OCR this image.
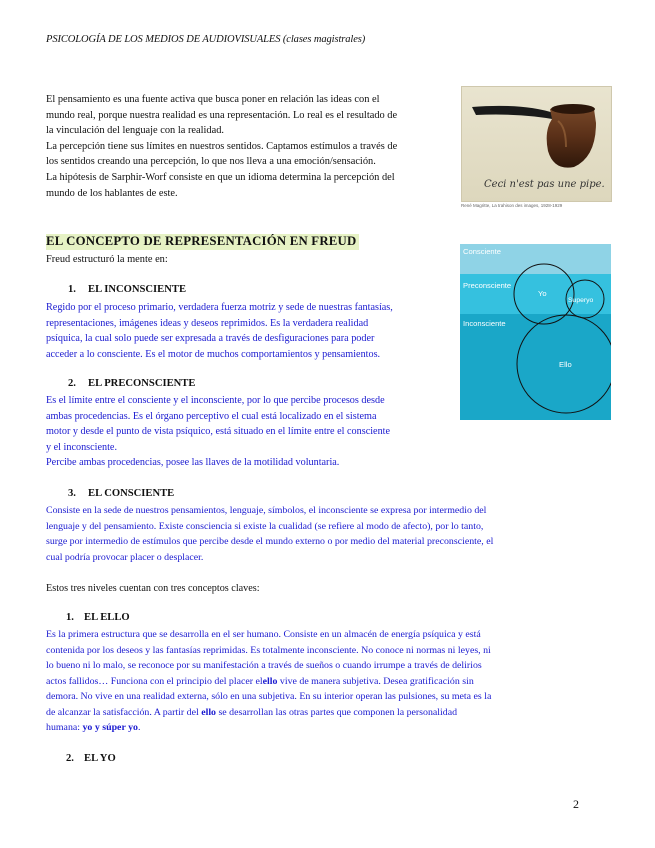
PSICOLOGÍA DE LOS MEDIOS DE AUDIOVISUALES (clases magistrales)

El pensamiento es una fuente activa que busca poner en relación las ideas con el

mundo real, porque nuestra realidad es una representación. Lo real es el resultado de

la vinculación del lenguaje con la realidad.

La percepción tiene sus límites en nuestros sentidos. Captamos estímulos a través de

los sentidos creando una percepción, lo que nos lleva a una emoción/sensación.

La hipótesis de Sarphir-Worf consiste en que un idioma determina la percepción del

mundo de los hablantes de este.

Ceci n'est pas une pipe.
René Magritte, La trahison des images, 1928-1929
EL CONCEPTO DE REPRESENTACIÓN EN FREUD
Freud estructuró la mente en:
Consciente
Preconsciente
Inconsciente
Yo
Superyo
Ello
1. EL INCONSCIENTE

Regido por el proceso primario, verdadera fuerza motriz y sede de nuestras fantasías,

representaciones, imágenes ideas y deseos reprimidos. Es la verdadera realidad

psíquica, la cual solo puede ser expresada a través de desfiguraciones para poder

acceder a lo consciente. Es el motor de muchos comportamientos y pensamientos.

2. EL PRECONSCIENTE

Es el límite entre el consciente y el inconsciente, por lo que percibe procesos desde

ambas procedencias. Es el órgano perceptivo el cual está localizado en el sistema

motor y desde el punto de vista psíquico, está situado en el límite entre el consciente

y el inconsciente.

Percibe ambas procedencias, posee las llaves de la motilidad voluntaria.

3. EL CONSCIENTE

Consiste en la sede de nuestros pensamientos, lenguaje, símbolos, el inconsciente se expresa por intermedio del

lenguaje y del pensamiento. Existe consciencia si existe la cualidad (se refiere al modo de afecto), por lo tanto,

surge por intermedio de estímulos que percibe desde el mundo externo o por medio del material preconsciente, el

cual podría provocar placer o desplacer.

Estos tres niveles cuentan con tres conceptos claves:
1. EL ELLO

Es la primera estructura que se desarrolla en el ser humano. Consiste en un almacén de energía psíquica y está

contenida por los deseos y las fantasías reprimidas. Es totalmente inconsciente. No conoce ni normas ni leyes, ni

lo bueno ni lo malo, se reconoce por su manifestación a través de sueños o cuando irrumpe a través de delirios

actos fallidos… Funciona con el principio del placer elello vive de manera subjetiva. Desea gratificación sin

demora. No vive en una realidad externa, sólo en una subjetiva. En su interior operan las pulsiones, su meta es la

de alcanzar la satisfacción. A partir del ello se desarrollan las otras partes que componen la personalidad

humana: yo y súper yo.

2. EL YO
2
